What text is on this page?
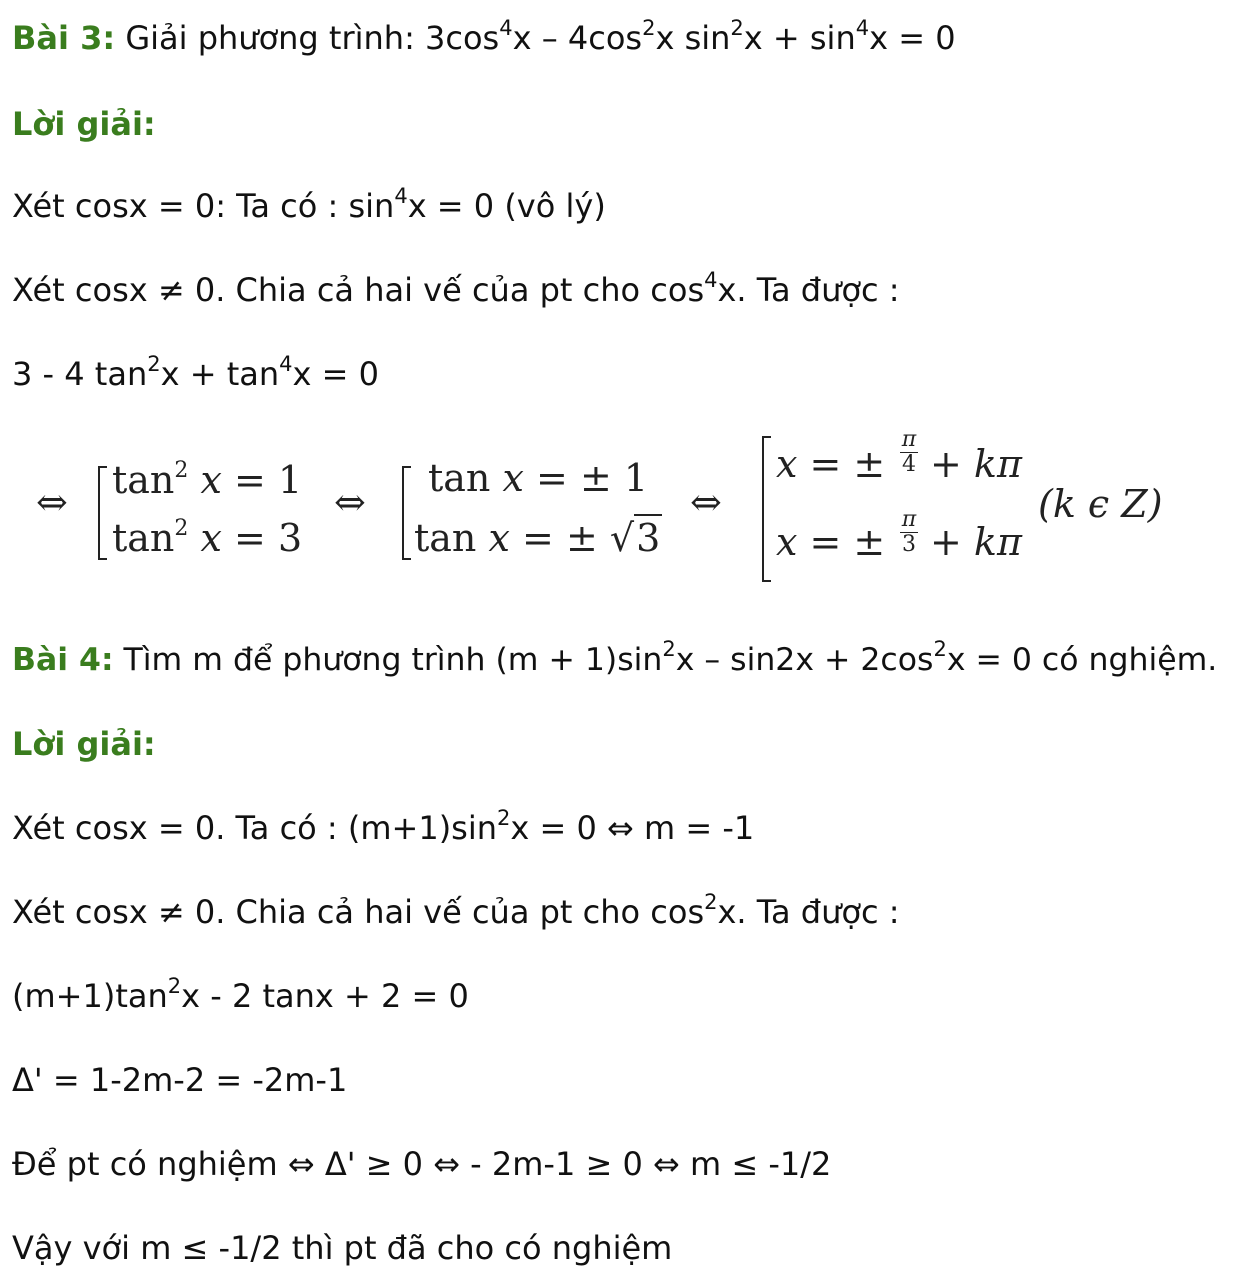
Bài 3: Giải phương trình: $3\cos^4x - 4\cos^2x$ $\sin^2x + \sin^4x = 0$
Lời giải:
Xét cosx = 0: Ta có : $\sin^4x = 0$ (vô lý)
Xét cosx ≠ 0. Chia cả hai vế của pt cho $\cos^4x$. Ta được :
3 - 4 $\tan^2x + \tan^4x = 0$
⇔ $\tan^2 x = 1$
$\tan^2 x = 3$
⇔
tan x = ± 1
tan x = ± √3
⇔
x = ±
π
4 + kπ
x = ±
π
3 + kπ
(k ϵ Z)
Bài 4: Tìm m để phương trình $(m + 1)\sin^2x - \sin 2x + 2\cos^2x = 0$ có nghiệm.
Lời giải:
Xét cosx = 0. Ta có : $(m+1)\sin^2x = 0$ ⇔ m = -1
Xét cosx ≠ 0. Chia cả hai vế của pt cho $\cos^2x$. Ta được :
$(m+1)\tan^2x - 2$ tanx + 2 = 0
Δ' = 1-2m-2 = -2m-1
Để pt có nghiệm ⇔ Δ' ≥ 0 ⇔ - 2m-1 ≥ 0 ⇔ m ≤ -1/2
Vậy với m ≤ -1/2 thì pt đã cho có nghiệm
